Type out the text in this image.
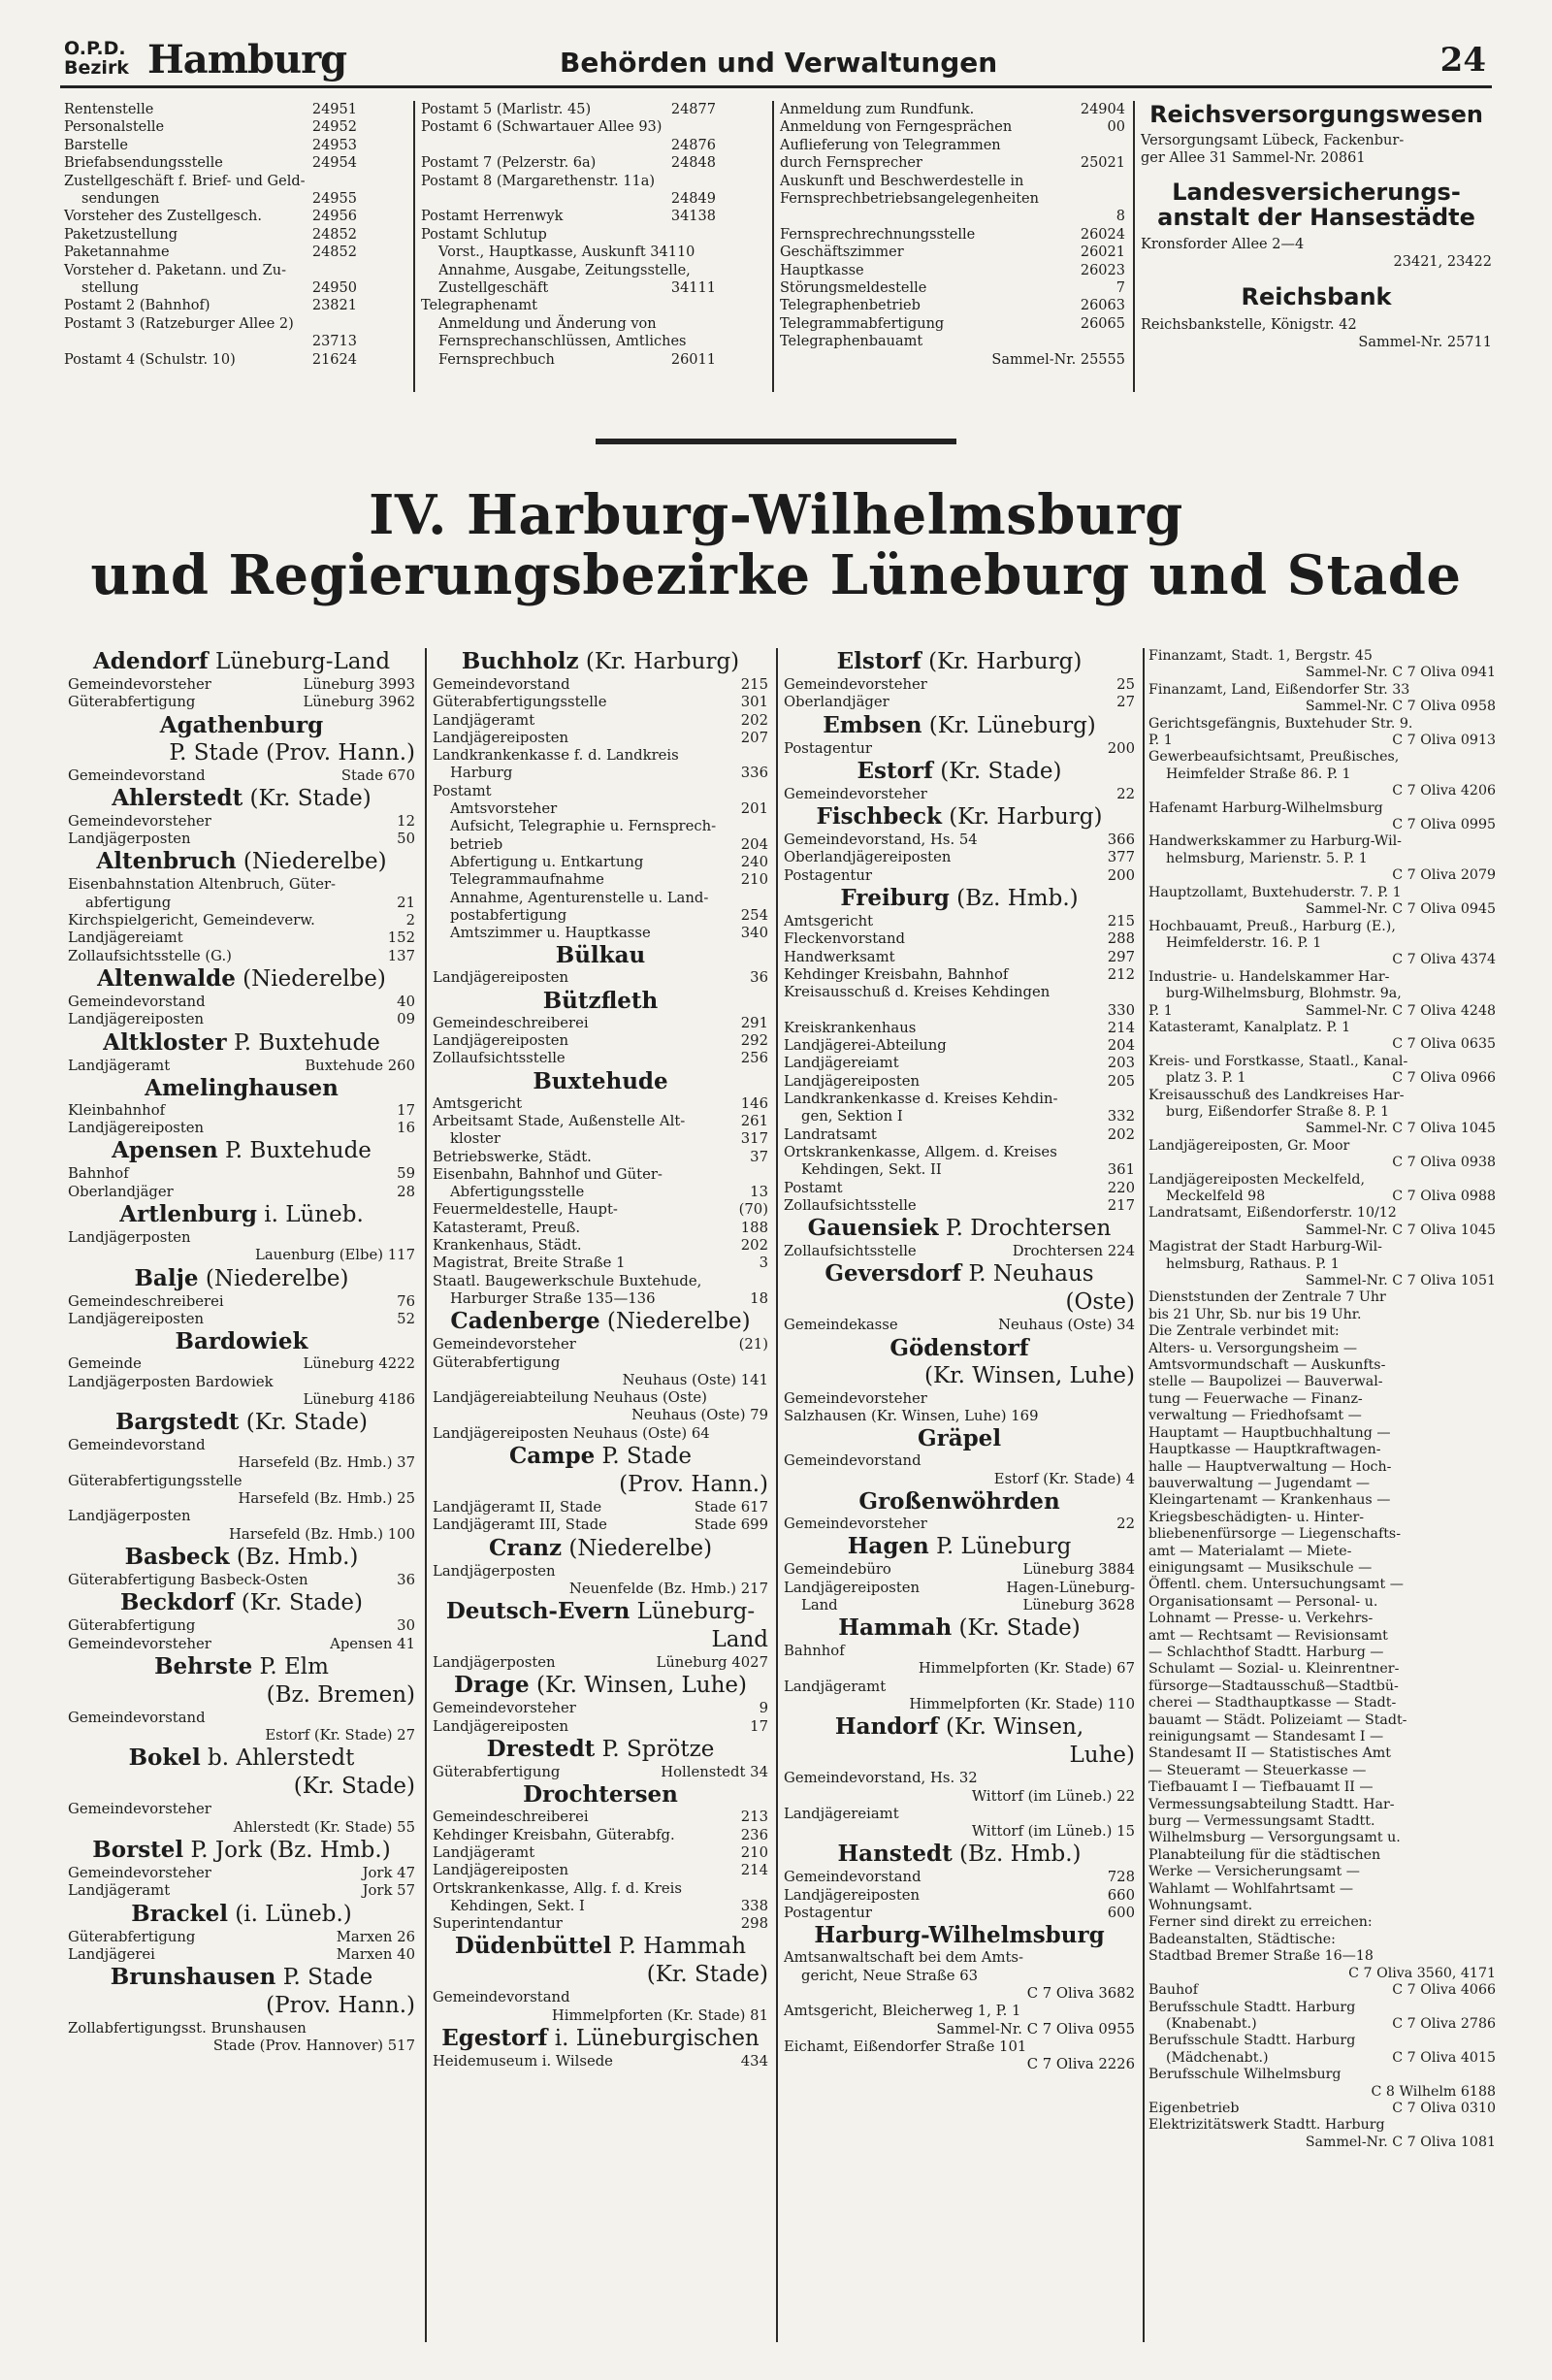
O.P.D.
Bezirk Hamburg	Behörden und Verwaltungen	24
Rentenstelle	24951
Personalstelle	24952
Barstelle	24953
Briefabsendungsstelle	24954
Zustellgeschäft f. Brief- und Geld-
sendungen	24955
Vorsteher des Zustellgesch.	24956
Paketzustellung	24852
Paketannahme	24852
Vorsteher d. Paketann. und Zu-
stellung	24950
Postamt 2 (Bahnhof)	23821
Postamt 3 (Ratzeburger Allee 2)
23713
Postamt 4 (Schulstr. 10)	21624
Postamt 5 (Marlistr. 45)	24877
Postamt 6 (Schwartauer Allee 93)
24876
Postamt 7 (Pelzerstr. 6a)	24848
Postamt 8 (Margarethenstr. 11a)
24849
Postamt Herrenwyk	34138
Postamt Schlutup
Vorst., Hauptkasse, Auskunft 34110
Annahme, Ausgabe, Zeitungsstelle,
Zustellgeschäft	34111
Telegraphenamt
Anmeldung und Änderung von
Fernsprechanschlüssen, Amtliches
Fernsprechbuch	26011
Anmeldung zum Rundfunk.	24904
Anmeldung von Ferngesprächen	00
Auflieferung von Telegrammen
durch Fernsprecher	25021
Auskunft und Beschwerdestelle in
Fernsprechbetriebsangelegenheiten
8
Fernsprechrechnungsstelle	26024
Geschäftszimmer	26021
Hauptkasse	26023
Störungsmeldestelle	7
Telegraphenbetrieb	26063
Telegrammabfertigung	26065
Telegraphenbauamt
Sammel-Nr. 25555
Reichsversorgungswesen
Versorgungsamt Lübeck, Fackenbur-
ger Allee 31 Sammel-Nr. 20861
Landesversicherungs-
anstalt der Hansestädte
Kronsforder Allee 2—4
23421, 23422
Reichsbank
Reichsbankstelle, Königstr. 42
Sammel-Nr. 25711
IV. Harburg-Wilhelmsburg
und Regierungsbezirke Lüneburg und Stade
Adendorf Lüneburg-Land
Gemeindevorsteher	Lüneburg 3993
Güterabfertigung	Lüneburg 3962
Agathenburg
P. Stade (Prov. Hann.)
Gemeindevorstand	Stade 670
Ahlerstedt (Kr. Stade)
Gemeindevorsteher	12
Landjägerposten	50
Altenbruch (Niederelbe)
Eisenbahnstation Altenbruch, Güter-
abfertigung	21
Kirchspielgericht, Gemeindeverw.	2
Landjägereiamt	152
Zollaufsichtsstelle (G.)	137
Altenwalde (Niederelbe)
Gemeindevorstand	40
Landjägereiposten	09
Altkloster P. Buxtehude
Landjägeramt	Buxtehude 260
Amelinghausen
Kleinbahnhof	17
Landjägereiposten	16
Apensen P. Buxtehude
Bahnhof	59
Oberlandjäger	28
Artlenburg i. Lüneb.
Landjägerposten
Lauenburg (Elbe) 117
Balje (Niederelbe)
Gemeindeschreiberei	76
Landjägereiposten	52
Bardowiek
Gemeinde	Lüneburg 4222
Landjägerposten Bardowiek
Lüneburg 4186
Bargstedt (Kr. Stade)
Gemeindevorstand
Harsefeld (Bz. Hmb.) 37
Güterabfertigungsstelle
Harsefeld (Bz. Hmb.) 25
Landjägerposten
Harsefeld (Bz. Hmb.) 100
Basbeck (Bz. Hmb.)
Güterabfertigung Basbeck-Osten	36
Beckdorf (Kr. Stade)
Güterabfertigung	30
Gemeindevorsteher	Apensen 41
Behrste P. Elm
(Bz. Bremen)
Gemeindevorstand
Estorf (Kr. Stade) 27
Bokel b. Ahlerstedt
(Kr. Stade)
Gemeindevorsteher
Ahlerstedt (Kr. Stade) 55
Borstel P. Jork (Bz. Hmb.)
Gemeindevorsteher	Jork 47
Landjägeramt	Jork 57
Brackel (i. Lüneb.)
Güterabfertigung	Marxen 26
Landjägerei	Marxen 40
Brunshausen P. Stade
(Prov. Hann.)
Zollabfertigungsst. Brunshausen
Stade (Prov. Hannover) 517
Buchholz (Kr. Harburg)
Gemeindevorstand	215
Güterabfertigungsstelle	301
Landjägeramt	202
Landjägereiposten	207
Landkrankenkasse f. d. Landkreis
Harburg	336
Postamt
Amtsvorsteher	201
Aufsicht, Telegraphie u. Fernsprech-
betrieb	204
Abfertigung u. Entkartung	240
Telegrammaufnahme	210
Annahme, Agenturenstelle u. Land-
postabfertigung	254
Amtszimmer u. Hauptkasse	340
Bülkau
Landjägereiposten	36
Bützfleth
Gemeindeschreiberei	291
Landjägereiposten	292
Zollaufsichtsstelle	256
Buxtehude
Amtsgericht	146
Arbeitsamt Stade, Außenstelle Alt-	261
kloster	317
Betriebswerke, Städt.	37
Eisenbahn, Bahnhof und Güter-
Abfertigungsstelle	13
Feuermeldestelle, Haupt-	(70)
Katasteramt, Preuß.	188
Krankenhaus, Städt.	202
Magistrat, Breite Straße 1	3
Staatl. Baugewerkschule Buxtehude,
Harburger Straße 135—136	18
Cadenberge (Niederelbe)
Gemeindevorsteher	(21)
Güterabfertigung
Neuhaus (Oste) 141
Landjägereiabteilung Neuhaus (Oste)
Neuhaus (Oste) 79
Landjägereiposten Neuhaus (Oste) 64
Campe P. Stade
(Prov. Hann.)
Landjägeramt II, Stade	Stade 617
Landjägeramt III, Stade	Stade 699
Cranz (Niederelbe)
Landjägerposten
Neuenfelde (Bz. Hmb.) 217
Deutsch-Evern Lüneburg-
Land
Landjägerposten	Lüneburg 4027
Drage (Kr. Winsen, Luhe)
Gemeindevorsteher	9
Landjägereiposten	17
Drestedt P. Sprötze
Güterabfertigung	Hollenstedt 34
Drochtersen
Gemeindeschreiberei	213
Kehdinger Kreisbahn, Güterabfg.	236
Landjägeramt	210
Landjägereiposten	214
Ortskrankenkasse, Allg. f. d. Kreis
Kehdingen, Sekt. I	338
Superintendantur	298
Düdenbüttel P. Hammah
(Kr. Stade)
Gemeindevorstand
Himmelpforten (Kr. Stade) 81
Egestorf i. Lüneburgischen
Heidemuseum i. Wilsede	434
Elstorf (Kr. Harburg)
Gemeindevorsteher	25
Oberlandjäger	27
Embsen (Kr. Lüneburg)
Postagentur	200
Estorf (Kr. Stade)
Gemeindevorsteher	22
Fischbeck (Kr. Harburg)
Gemeindevorstand, Hs. 54	366
Oberlandjägereiposten	377
Postagentur	200
Freiburg (Bz. Hmb.)
Amtsgericht	215
Fleckenvorstand	288
Handwerksamt	297
Kehdinger Kreisbahn, Bahnhof	212
Kreisausschuß d. Kreises Kehdingen
330
Kreiskrankenhaus	214
Landjägerei-Abteilung	204
Landjägereiamt	203
Landjägereiposten	205
Landkrankenkasse d. Kreises Kehdin-
gen, Sektion I	332
Landratsamt	202
Ortskrankenkasse, Allgem. d. Kreises
Kehdingen, Sekt. II	361
Postamt	220
Zollaufsichtsstelle	217
Gauensiek P. Drochtersen
Zollaufsichtsstelle	Drochtersen 224
Geversdorf P. Neuhaus
(Oste)
Gemeindekasse	Neuhaus (Oste) 34
Gödenstorf
(Kr. Winsen, Luhe)
Gemeindevorsteher
Salzhausen (Kr. Winsen, Luhe) 169
Gräpel
Gemeindevorstand
Estorf (Kr. Stade) 4
Großenwöhrden
Gemeindevorsteher	22
Hagen P. Lüneburg
Gemeindebüro	Lüneburg 3884
Landjägereiposten	Hagen-Lüneburg-
Land	Lüneburg 3628
Hammah (Kr. Stade)
Bahnhof
Himmelpforten (Kr. Stade) 67
Landjägeramt
Himmelpforten (Kr. Stade) 110
Handorf (Kr. Winsen,
Luhe)
Gemeindevorstand, Hs. 32
Wittorf (im Lüneb.) 22
Landjägereiamt
Wittorf (im Lüneb.) 15
Hanstedt (Bz. Hmb.)
Gemeindevorstand	728
Landjägereiposten	660
Postagentur	600
Harburg-Wilhelmsburg
Amtsanwaltschaft bei dem Amts-
gericht, Neue Straße 63
C 7 Oliva 3682
Amtsgericht, Bleicherweg 1, P. 1
Sammel-Nr. C 7 Oliva 0955
Eichamt, Eißendorfer Straße 101
C 7 Oliva 2226
Finanzamt, Stadt. 1, Bergstr. 45
Sammel-Nr. C 7 Oliva 0941
Finanzamt, Land, Eißendorfer Str. 33
Sammel-Nr. C 7 Oliva 0958
Gerichtsgefängnis, Buxtehuder Str. 9.
P. 1	C 7 Oliva 0913
Gewerbeaufsichtsamt, Preußisches,
Heimfelder Straße 86. P. 1
C 7 Oliva 4206
Hafenamt Harburg-Wilhelmsburg
C 7 Oliva 0995
Handwerkskammer zu Harburg-Wil-
helmsburg, Marienstr. 5. P. 1
C 7 Oliva 2079
Hauptzollamt, Buxtehuderstr. 7. P. 1
Sammel-Nr. C 7 Oliva 0945
Hochbauamt, Preuß., Harburg (E.),
Heimfelderstr. 16. P. 1
C 7 Oliva 4374
Industrie- u. Handelskammer Har-
burg-Wilhelmsburg, Blohmstr. 9a,
P. 1	Sammel-Nr. C 7 Oliva 4248
Katasteramt, Kanalplatz. P. 1
C 7 Oliva 0635
Kreis- und Forstkasse, Staatl., Kanal-
platz 3. P. 1	C 7 Oliva 0966
Kreisausschuß des Landkreises Har-
burg, Eißendorfer Straße 8. P. 1
Sammel-Nr. C 7 Oliva 1045
Landjägereiposten, Gr. Moor
C 7 Oliva 0938
Landjägereiposten Meckelfeld,
Meckelfeld 98	C 7 Oliva 0988
Landratsamt, Eißendorferstr. 10/12
Sammel-Nr. C 7 Oliva 1045
Magistrat der Stadt Harburg-Wil-
helmsburg, Rathaus. P. 1
Sammel-Nr. C 7 Oliva 1051
Dienststunden der Zentrale 7 Uhr
bis 21 Uhr, Sb. nur bis 19 Uhr.
Die Zentrale verbindet mit:
Alters- u. Versorgungsheim —
Amtsvormundschaft — Auskunfts-
stelle — Baupolizei — Bauverwal-
tung — Feuerwache — Finanz-
verwaltung — Friedhofsamt —
Hauptamt — Hauptbuchhaltung —
Hauptkasse — Hauptkraftwagen-
halle — Hauptverwaltung — Hoch-
bauverwaltung — Jugendamt —
Kleingartenamt — Krankenhaus —
Kriegsbeschädigten- u. Hinter-
bliebenenfürsorge — Liegenschafts-
amt — Materialamt — Miete-
einigungsamt — Musikschule —
Öffentl. chem. Untersuchungsamt —
Organisationsamt — Personal- u.
Lohnamt — Presse- u. Verkehrs-
amt — Rechtsamt — Revisionsamt
— Schlachthof Stadtt. Harburg —
Schulamt — Sozial- u. Kleinrentner-
fürsorge—Stadtausschuß—Stadtbü-
cherei — Stadthauptkasse — Stadt-
bauamt — Städt. Polizeiamt — Stadt-
reinigungsamt — Standesamt I —
Standesamt II — Statistisches Amt
— Steueramt — Steuerkasse —
Tiefbauamt I — Tiefbauamt II —
Vermessungsabteilung Stadtt. Har-
burg — Vermessungsamt Stadtt.
Wilhelmsburg — Versorgungsamt u.
Planabteilung für die städtischen
Werke — Versicherungsamt —
Wahlamt — Wohlfahrtsamt —
Wohnungsamt.
Ferner sind direkt zu erreichen:
Badeanstalten, Städtische:
Stadtbad Bremer Straße 16—18
C 7 Oliva 3560, 4171
Bauhof	C 7 Oliva 4066
Berufsschule Stadtt. Harburg
(Knabenabt.)	C 7 Oliva 2786
Berufsschule Stadtt. Harburg
(Mädchenabt.)	C 7 Oliva 4015
Berufsschule Wilhelmsburg
C 8 Wilhelm 6188
Eigenbetrieb	C 7 Oliva 0310
Elektrizitätswerk Stadtt. Harburg
Sammel-Nr. C 7 Oliva 1081
